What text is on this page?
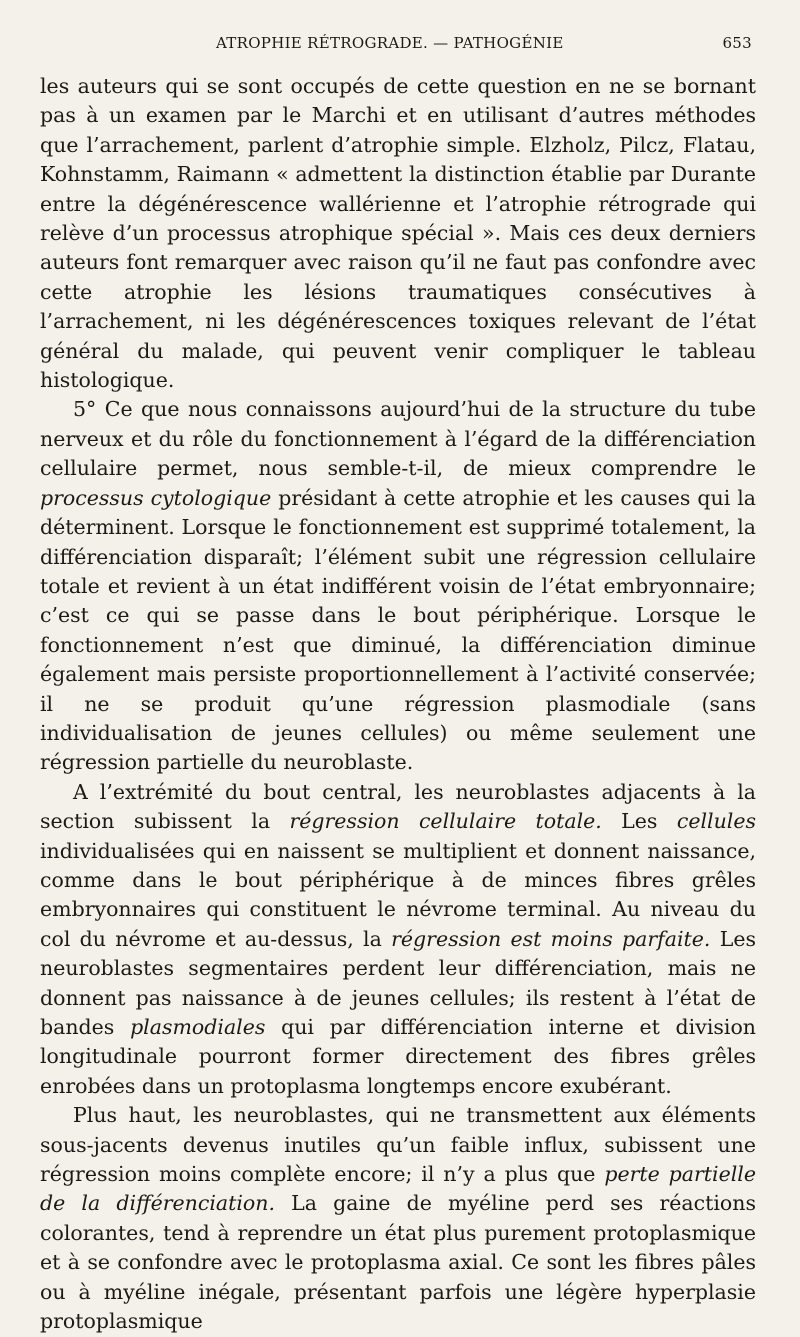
ATROPHIE RÉTROGRADE. — PATHOGÉNIE	653

les auteurs qui se sont occupés de cette question en ne se bornant pas à un examen par le Marchi et en utilisant d’autres méthodes que l’arrachement, parlent d’atrophie simple. Elzholz, Pilcz, Flatau, Kohnstamm, Raimann « admettent la distinction établie par Durante entre la dégénérescence wallérienne et l’atrophie rétrograde qui relève d’un processus atrophique spécial ». Mais ces deux derniers auteurs font remarquer avec raison qu’il ne faut pas confondre avec cette atrophie les lésions traumatiques consécutives à l’arrachement, ni les dégénérescences toxiques relevant de l’état général du malade, qui peuvent venir compliquer le tableau histologique.

5° Ce que nous connaissons aujourd’hui de la structure du tube nerveux et du rôle du fonctionnement à l’égard de la différenciation cellulaire permet, nous semble-t-il, de mieux comprendre le processus cytologique présidant à cette atrophie et les causes qui la déterminent. Lorsque le fonctionnement est supprimé totalement, la différenciation disparaît; l’élément subit une régression cellulaire totale et revient à un état indifférent voisin de l’état embryonnaire; c’est ce qui se passe dans le bout périphérique. Lorsque le fonctionnement n’est que diminué, la différenciation diminue également mais persiste proportionnellement à l’activité conservée; il ne se produit qu’une régression plasmodiale (sans individualisation de jeunes cellules) ou même seulement une régression partielle du neuroblaste.

A l’extrémité du bout central, les neuroblastes adjacents à la section subissent la régression cellulaire totale. Les cellules individualisées qui en naissent se multiplient et donnent naissance, comme dans le bout périphérique à de minces fibres grêles embryonnaires qui constituent le névrome terminal. Au niveau du col du névrome et au-dessus, la régression est moins parfaite. Les neuroblastes segmentaires perdent leur différenciation, mais ne donnent pas naissance à de jeunes cellules; ils restent à l’état de bandes plasmodiales qui par différenciation interne et division longitudinale pourront former directement des fibres grêles enrobées dans un protoplasma longtemps encore exubérant.

Plus haut, les neuroblastes, qui ne transmettent aux éléments sous-jacents devenus inutiles qu’un faible influx, subissent une régression moins complète encore; il n’y a plus que perte partielle de la différenciation. La gaine de myéline perd ses réactions colorantes, tend à reprendre un état plus purement protoplasmique et à se confondre avec le protoplasma axial. Ce sont les fibres pâles ou à myéline inégale, présentant parfois une légère hyperplasie protoplasmique
